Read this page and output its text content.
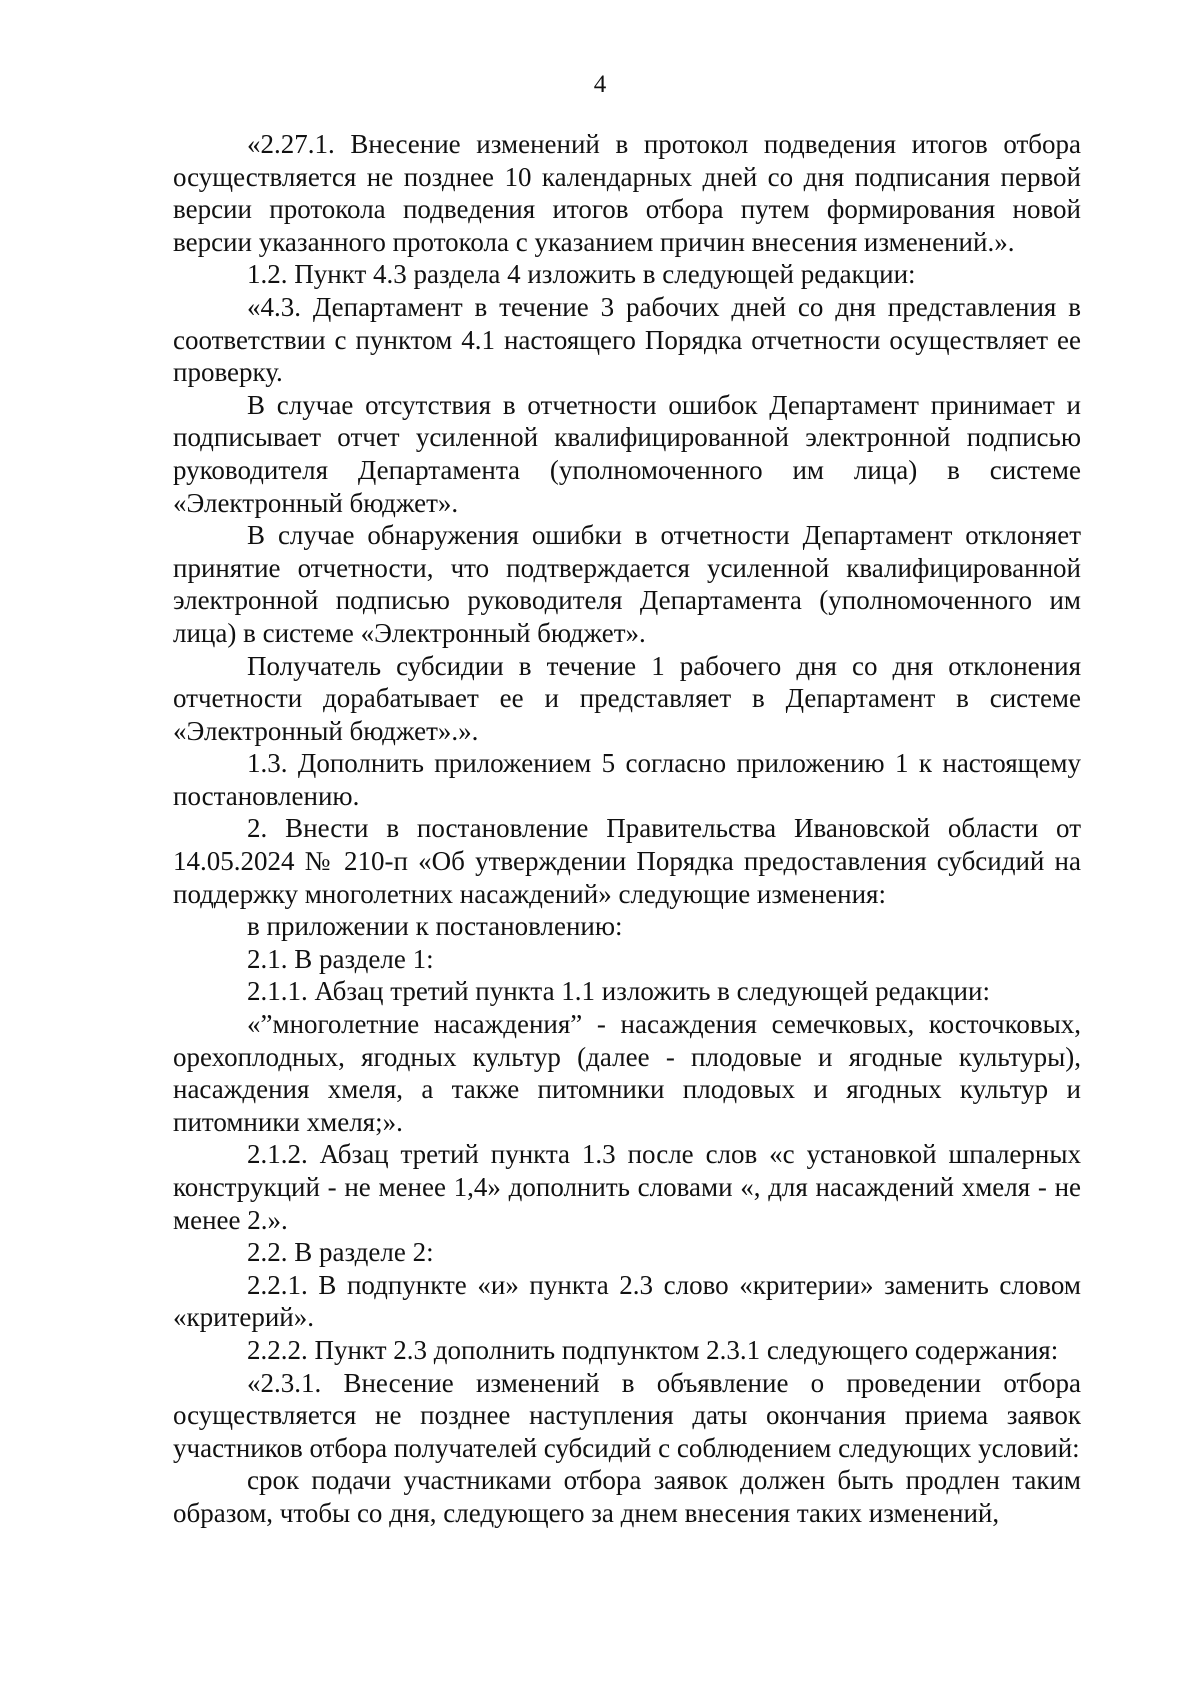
4

«2.27.1. Внесение изменений в протокол подведения итогов отбора осуществляется не позднее 10 календарных дней со дня подписания первой версии протокола подведения итогов отбора путем формирования новой версии указанного протокола с указанием причин внесения изменений.».

1.2. Пункт 4.3 раздела 4 изложить в следующей редакции:

«4.3. Департамент в течение 3 рабочих дней со дня представления в соответствии с пунктом 4.1 настоящего Порядка отчетности осуществляет ее проверку.

В случае отсутствия в отчетности ошибок Департамент принимает и подписывает отчет усиленной квалифицированной электронной подписью руководителя Департамента (уполномоченного им лица) в системе «Электронный бюджет».

В случае обнаружения ошибки в отчетности Департамент отклоняет принятие отчетности, что подтверждается усиленной квалифицированной электронной подписью руководителя Департамента (уполномоченного им лица) в системе «Электронный бюджет».

Получатель субсидии в течение 1 рабочего дня со дня отклонения отчетности дорабатывает ее и представляет в Департамент в системе «Электронный бюджет».».

1.3. Дополнить приложением 5 согласно приложению 1 к настоящему постановлению.

2. Внести в постановление Правительства Ивановской области от 14.05.2024 № 210-п «Об утверждении Порядка предоставления субсидий на поддержку многолетних насаждений» следующие изменения:

в приложении к постановлению:

2.1. В разделе 1:

2.1.1. Абзац третий пункта 1.1 изложить в следующей редакции:

«”многолетние насаждения” - насаждения семечковых, косточковых, орехоплодных, ягодных культур (далее - плодовые и ягодные культуры), насаждения хмеля, а также питомники плодовых и ягодных культур и питомники хмеля;».

2.1.2. Абзац третий пункта 1.3 после слов «с установкой шпалерных конструкций - не менее 1,4» дополнить словами «, для насаждений хмеля - не менее 2.».

2.2. В разделе 2:

2.2.1. В подпункте «и» пункта 2.3 слово «критерии» заменить словом «критерий».

2.2.2. Пункт 2.3 дополнить подпунктом 2.3.1 следующего содержания:

«2.3.1. Внесение изменений в объявление о проведении отбора осуществляется не позднее наступления даты окончания приема заявок участников отбора получателей субсидий с соблюдением следующих условий:

срок подачи участниками отбора заявок должен быть продлен таким образом, чтобы со дня, следующего за днем внесения таких изменений,
